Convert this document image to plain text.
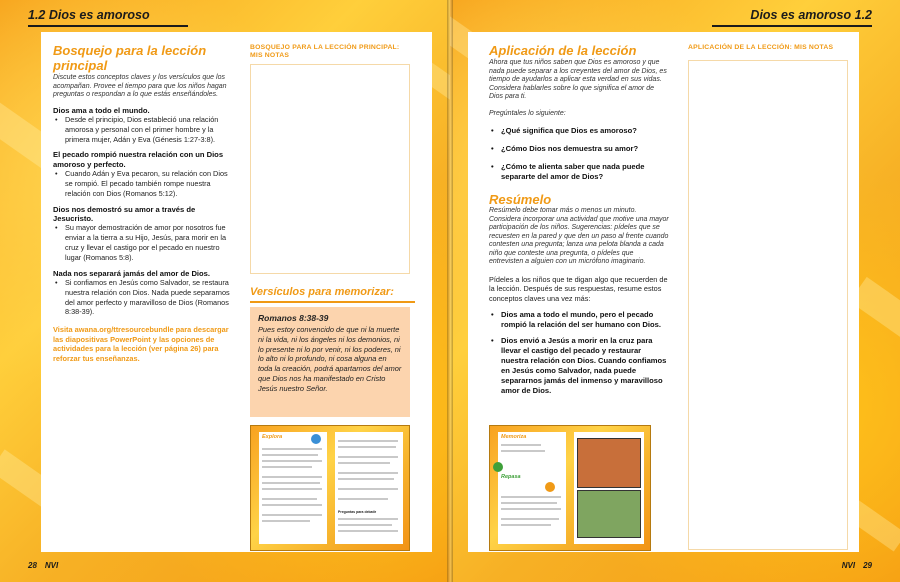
1.2 Dios es amoroso
Bosquejo para la lección principal
Discute estos conceptos claves y los versículos que los acompañan. Provee el tiempo para que los niños hagan preguntas o respondan a lo que estás enseñándoles.
Dios ama a todo el mundo.
• Desde el principio, Dios estableció una relación amorosa y personal con el primer hombre y la primera mujer, Adán y Eva (Génesis 1:27-3:8).
El pecado rompió nuestra relación con un Dios amoroso y perfecto.
• Cuando Adán y Eva pecaron, su relación con Dios se rompió. El pecado también rompe nuestra relación con Dios (Romanos 5:12).
Dios nos demostró su amor a través de Jesucristo.
• Su mayor demostración de amor por nosotros fue enviar a la tierra a su Hijo, Jesús, para morir en la cruz y llevar el castigo por el pecado en nuestro lugar (Romanos 5:8).
Nada nos separará jamás del amor de Dios.
• Si confiamos en Jesús como Salvador, se restaura nuestra relación con Dios. Nada puede separarnos del amor perfecto y maravilloso de Dios (Romanos 8:38-39).
Visita awana.org/ttresourcebundle para descargar las diapositivas PowerPoint y las opciones de actividades para la lección (ver página 26) para reforzar tus enseñanzas.
BOSQUEJO PARA LA LECCIÓN PRINCIPAL: MIS NOTAS
Versículos para memorizar:
Romanos 8:38-39
Pues estoy convencido de que ni la muerte ni la vida, ni los ángeles ni los demonios, ni lo presente ni lo por venir, ni los poderes, ni lo alto ni lo profundo, ni cosa alguna en toda la creación, podrá apartarnos del amor que Dios nos ha manifestado en Cristo Jesús nuestro Señor.
Explora
Preguntas para debatir
28 NVI
Dios es amoroso 1.2
Aplicación de la lección
Ahora que tus niños saben que Dios es amoroso y que nada puede separar a los creyentes del amor de Dios, es tiempo de ayudarlos a aplicar esta verdad en sus vidas. Considera hablarles sobre lo que significa el amor de Dios para ti.
Pregúntales lo siguiente:
• ¿Qué significa que Dios es amoroso?
• ¿Cómo Dios nos demuestra su amor?
• ¿Cómo te alienta saber que nada puede separarte del amor de Dios?
Resúmelo
Resúmelo debe tomar más o menos un minuto. Considera incorporar una actividad que motive una mayor participación de los niños. Sugerencias: pídeles que se recuesten en la pared y que den un paso al frente cuando contesten una pregunta; lanza una pelota blanda a cada niño que conteste una pregunta, o pídeles que entrevisten a alguien con un micrófono imaginario.
Pídeles a los niños que te digan algo que recuerden de la lección. Después de sus respuestas, resume estos conceptos claves una vez más:
• Dios ama a todo el mundo, pero el pecado rompió la relación del ser humano con Dios.
• Dios envió a Jesús a morir en la cruz para llevar el castigo del pecado y restaurar nuestra relación con Dios. Cuando confiamos en Jesús como Salvador, nada puede separarnos jamás del inmenso y maravilloso amor de Dios.
APLICACIÓN DE LA LECCIÓN: MIS NOTAS
Memoriza
Repasa
NVI 29
